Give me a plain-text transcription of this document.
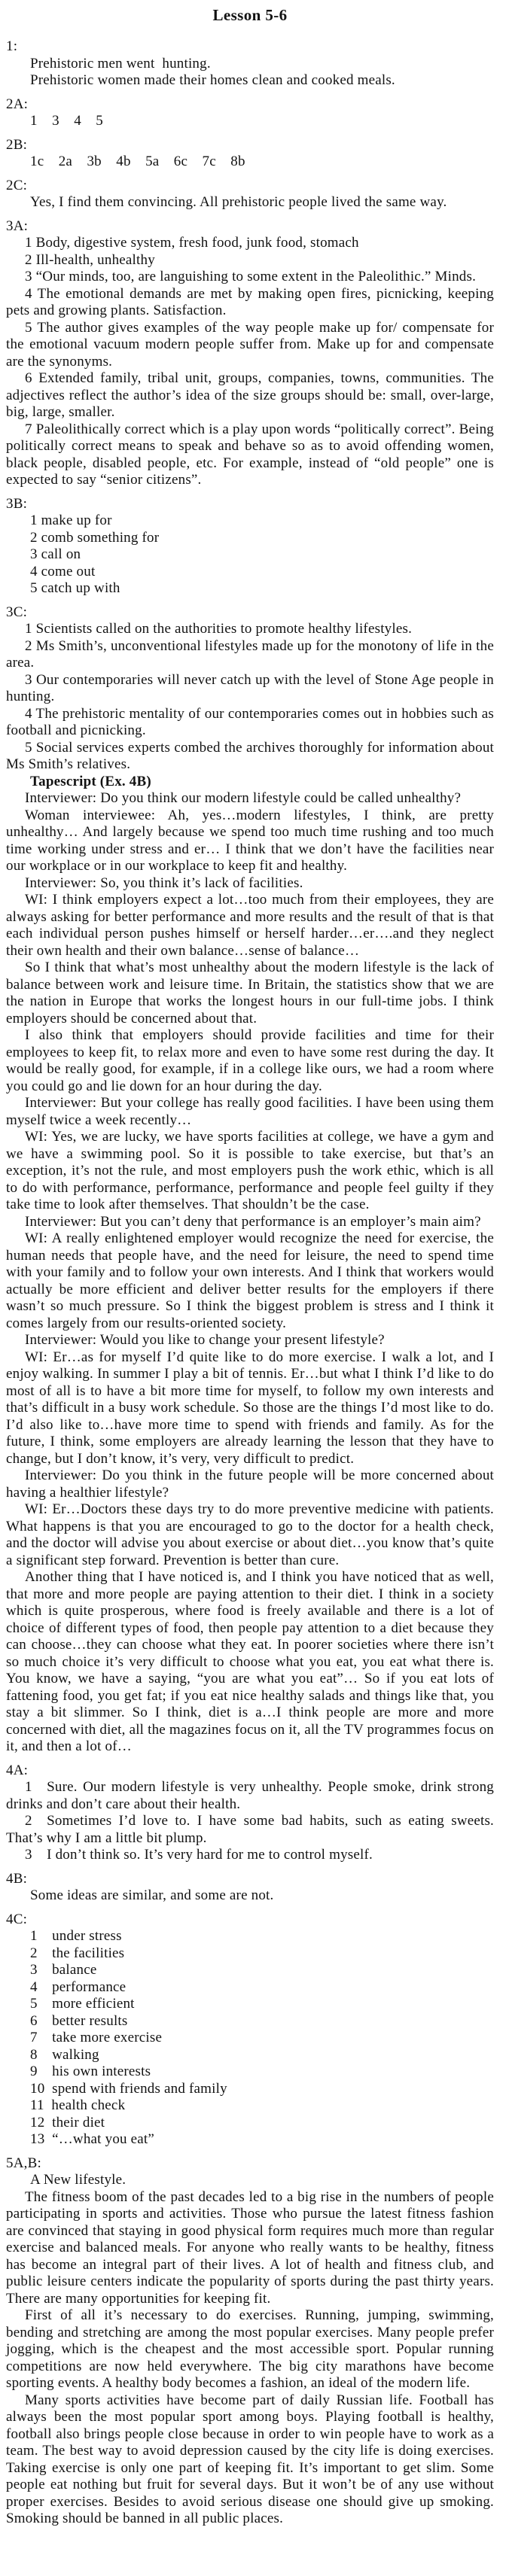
Lesson 5-6
1:

Prehistoric men went  hunting.

Prehistoric women made their homes clean and cooked meals.

2A:

1  3  4  5

2B:

1c  2a  3b  4b  5a  6c  7c  8b

2C:

Yes, I find them convincing. All prehistoric people lived the same way.

3A:

1 Body, digestive system, fresh food, junk food, stomach

2 Ill-health, unhealthy

3 “Our minds, too, are languishing to some extent in the Paleolithic.” Minds.

4 The emotional demands are met by making open fires, picnicking, keeping pets and growing plants. Satisfaction.

5 The author gives examples of the way people make up for/ compensate for the emotional vacuum modern people suffer from. Make up for and compensate are the synonyms.

6 Extended family, tribal unit, groups, companies, towns, communities. The adjectives reflect the author’s idea of the size groups should be: small, over-large, big, large, smaller.

7 Paleolithically correct which is a play upon words “politically correct”. Being politically correct means to speak and behave so as to avoid offending women, black people, disabled people, etc. For example, instead of “old people” one is expected to say “senior citizens”.

3B:

1 make up for

2 comb something for

3 call on

4 come out

5 catch up with

3C:

1 Scientists called on the authorities to promote healthy lifestyles.

2 Ms Smith’s, unconventional lifestyles made up for the monotony of life in the area.

3 Our contemporaries will never catch up with the level of Stone Age people in hunting.

4 The prehistoric mentality of our contemporaries comes out in hobbies such as football and picnicking.

5 Social services experts combed the archives thoroughly for information about Ms Smith’s relatives.

Tapescript (Ex. 4B)

Interviewer: Do you think our modern lifestyle could be called unhealthy?

Woman interviewee: Ah, yes…modern lifestyles, I think, are pretty unhealthy… And largely because we spend too much time rushing and too much time working under stress and er… I think that we don’t have the facilities near our workplace or in our workplace to keep fit and healthy.

Interviewer: So, you think it’s lack of facilities.

WI: I think employers expect a lot…too much from their employees, they are always asking for better performance and more results and the result of that is that each individual person pushes himself or herself harder…er….and they neglect their own health and their own balance…sense of balance…

So I think that what’s most unhealthy about the modern lifestyle is the lack of balance between work and leisure time. In Britain, the statistics show that we are the nation in Europe that works the longest hours in our full-time jobs. I think employers should be concerned about that.

I also think that employers should provide facilities and time for their employees to keep fit, to relax more and even to have some rest during the day. It would be really good, for example, if in a college like ours, we had a room where you could go and lie down for an hour during the day.

Interviewer: But your college has really good facilities. I have been using them myself twice a week recently…

WI: Yes, we are lucky, we have sports facilities at college, we have a gym and we have a swimming pool. So it is possible to take exercise, but that’s an exception, it’s not the rule, and most employers push the work ethic, which is all to do with performance, performance, performance and people feel guilty if they take time to look after themselves. That shouldn’t be the case.

Interviewer: But you can’t deny that performance is an employer’s main aim?

WI: A really enlightened employer would recognize the need for exercise, the human needs that people have, and the need for leisure, the need to spend time with your family and to follow your own interests. And I think that workers would actually be more efficient and deliver better results for the employers if there wasn’t so much pressure. So I think the biggest problem is stress and I think it comes largely from our results-oriented society.

Interviewer: Would you like to change your present lifestyle?

WI: Er…as for myself I’d quite like to do more exercise. I walk a lot, and I enjoy walking. In summer I play a bit of tennis. Er…but what I think I’d like to do most of all is to have a bit more time for myself, to follow my own interests and that’s difficult in a busy work schedule. So those are the things I’d most like to do. I’d also like to…have more time to spend with friends and family. As for the future, I think, some employers are already learning the lesson that they have to change, but I don’t know, it’s very, very difficult to predict.

Interviewer: Do you think in the future people will be more concerned about having a healthier lifestyle?

WI: Er…Doctors these days try to do more preventive medicine with patients. What happens is that you are encouraged to go to the doctor for a health check, and the doctor will advise you about exercise or about diet…you know that’s quite a significant step forward. Prevention is better than cure.

Another thing that I have noticed is, and I think you have noticed that as well, that more and more people are paying attention to their diet. I think in a society which is quite prosperous, where food is freely available and there is a lot of choice of different types of food, then people pay attention to a diet because they can choose…they can choose what they eat. In poorer societies where there isn’t so much choice it’s very difficult to choose what you eat, you eat what there is. You know, we have a saying, “you are what you eat”… So if you eat lots of fattening food, you get fat; if you eat nice healthy salads and things like that, you stay a bit slimmer. So I think, diet is a…I think people are more and more concerned with diet, all the magazines focus on it, all the TV programmes focus on it, and then a lot of…

4A:

1  Sure. Our modern lifestyle is very unhealthy. People smoke, drink strong drinks and don’t care about their health.

2  Sometimes I’d love to. I have some bad habits, such as eating sweets. That’s why I am a little bit plump.

3  I don’t think so. It’s very hard for me to control myself.

4B:

Some ideas are similar, and some are not.

4C:

1  under stress

2  the facilities

3  balance

4  performance

5  more efficient

6  better results

7  take more exercise

8  walking

9  his own interests

10 spend with friends and family

11 health check

12 their diet

13 “…what you eat”

5A,B:

A New lifestyle.

The fitness boom of the past decades led to a big rise in the numbers of people participating in sports and activities. Those who pursue the latest fitness fashion are convinced that staying in good physical form requires much more than regular exercise and balanced meals. For anyone who really wants to be healthy, fitness has become an integral part of their lives. A lot of health and fitness club, and public leisure centers indicate the popularity of sports during the past thirty years. There are many opportunities for keeping fit.

First of all it’s necessary to do exercises. Running, jumping, swimming, bending and stretching are among the most popular exercises. Many people prefer jogging, which is the cheapest and the most accessible sport. Popular running competitions are now held everywhere. The big city marathons have become sporting events. A healthy body becomes a fashion, an ideal of the modern life.

Many sports activities have become part of daily Russian life. Football has always been the most popular sport among boys. Playing football is healthy, football also brings people close because in order to win people have to work as a team. The best way to avoid depression caused by the city life is doing exercises. Taking exercise is only one part of keeping fit. It’s important to get slim. Some people eat nothing but fruit for several days. But it won’t be of any use without proper exercises. Besides to avoid serious disease one should give up smoking. Smoking should be banned in all public places.
